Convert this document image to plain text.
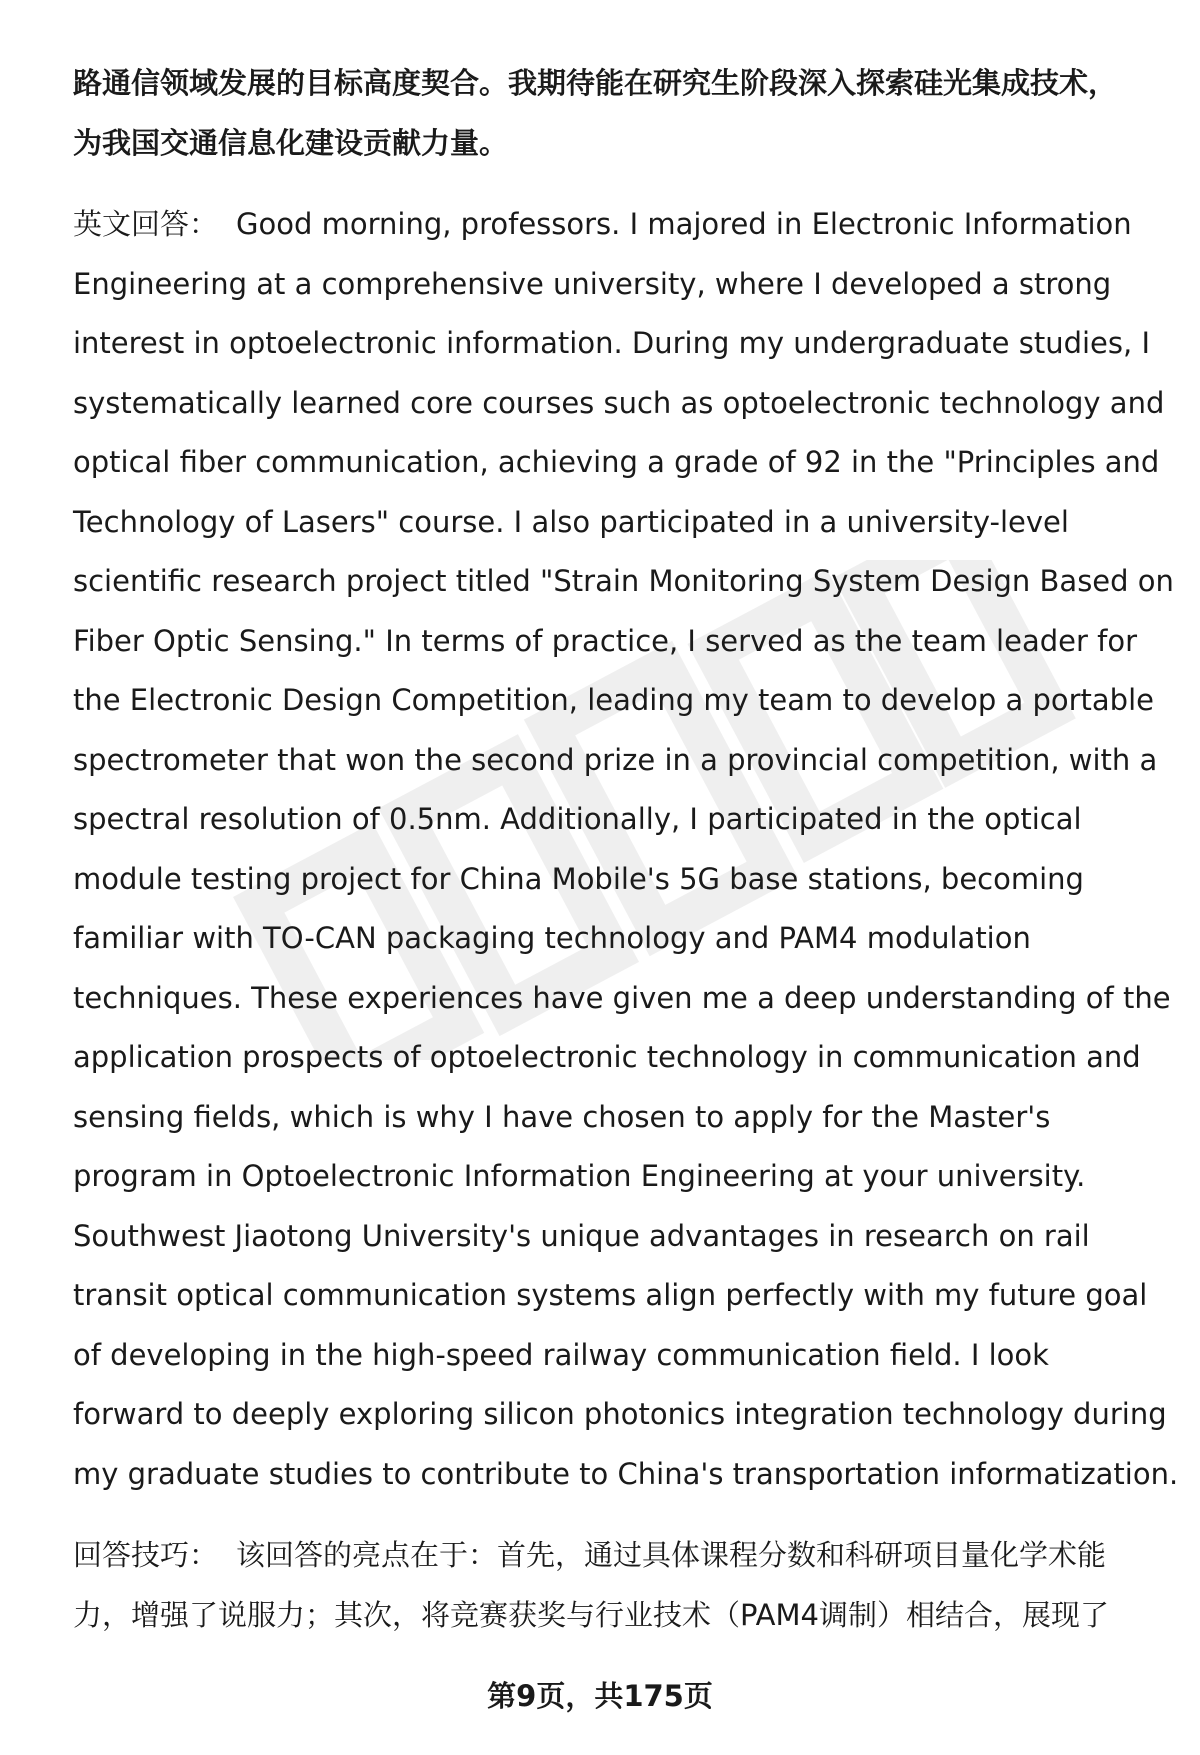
路通信领域发展的目标高度契合。我期待能在研究生阶段深入探索硅光集成技术，
为我国交通信息化建设贡献力量。

英文回答： Good morning, professors. I majored in Electronic Information
Engineering at a comprehensive university, where I developed a strong
interest in optoelectronic information. During my undergraduate studies, I
systematically learned core courses such as optoelectronic technology and
optical fiber communication, achieving a grade of 92 in the "Principles and
Technology of Lasers" course. I also participated in a university-level
scientific research project titled "Strain Monitoring System Design Based on
Fiber Optic Sensing." In terms of practice, I served as the team leader for
the Electronic Design Competition, leading my team to develop a portable
spectrometer that won the second prize in a provincial competition, with a
spectral resolution of 0.5nm. Additionally, I participated in the optical
module testing project for China Mobile's 5G base stations, becoming
familiar with TO-CAN packaging technology and PAM4 modulation
techniques. These experiences have given me a deep understanding of the
application prospects of optoelectronic technology in communication and
sensing fields, which is why I have chosen to apply for the Master's
program in Optoelectronic Information Engineering at your university.
Southwest Jiaotong University's unique advantages in research on rail
transit optical communication systems align perfectly with my future goal
of developing in the high-speed railway communication field. I look
forward to deeply exploring silicon photonics integration technology during
my graduate studies to contribute to China's transportation informatization.

回答技巧： 该回答的亮点在于：首先，通过具体课程分数和科研项目量化学术能
力，增强了说服力；其次，将竞赛获奖与行业技术（PAM4调制）相结合，展现了

第9页，共175页
